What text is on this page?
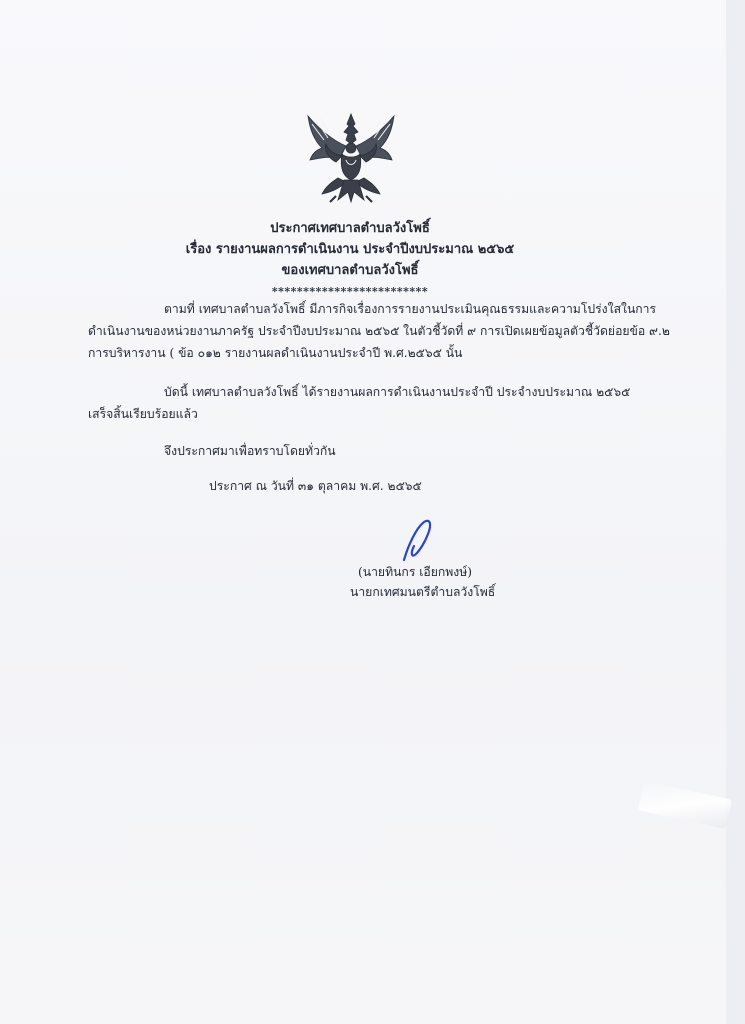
ประกาศเทศบาลตำบลวังโพธิ์
เรื่อง รายงานผลการดำเนินงาน ประจำปีงบประมาณ ๒๕๖๕
ของเทศบาลตำบลวังโพธิ์
*************************
ตามที่ เทศบาลตำบลวังโพธิ์ มีภารกิจเรื่องการรายงานประเมินคุณธรรมและความโปร่งใสในการ
ดำเนินงานของหน่วยงานภาครัฐ ประจำปีงบประมาณ ๒๕๖๕ ในตัวชี้วัดที่ ๙ การเปิดเผยข้อมูลตัวชี้วัดย่อยข้อ ๙.๒
การบริหารงาน ( ข้อ ๐๑๒ รายงานผลดำเนินงานประจำปี พ.ศ.๒๕๖๕ นั้น
บัดนี้ เทศบาลตำบลวังโพธิ์ ได้รายงานผลการดำเนินงานประจำปี ประจำงบประมาณ ๒๕๖๕
เสร็จสิ้นเรียบร้อยแล้ว
จึงประกาศมาเพื่อทราบโดยทั่วกัน
ประกาศ ณ วันที่ ๓๑ ตุลาคม พ.ศ. ๒๕๖๕
(นายทินกร เอียกพงษ์)
นายกเทศมนตรีตำบลวังโพธิ์
